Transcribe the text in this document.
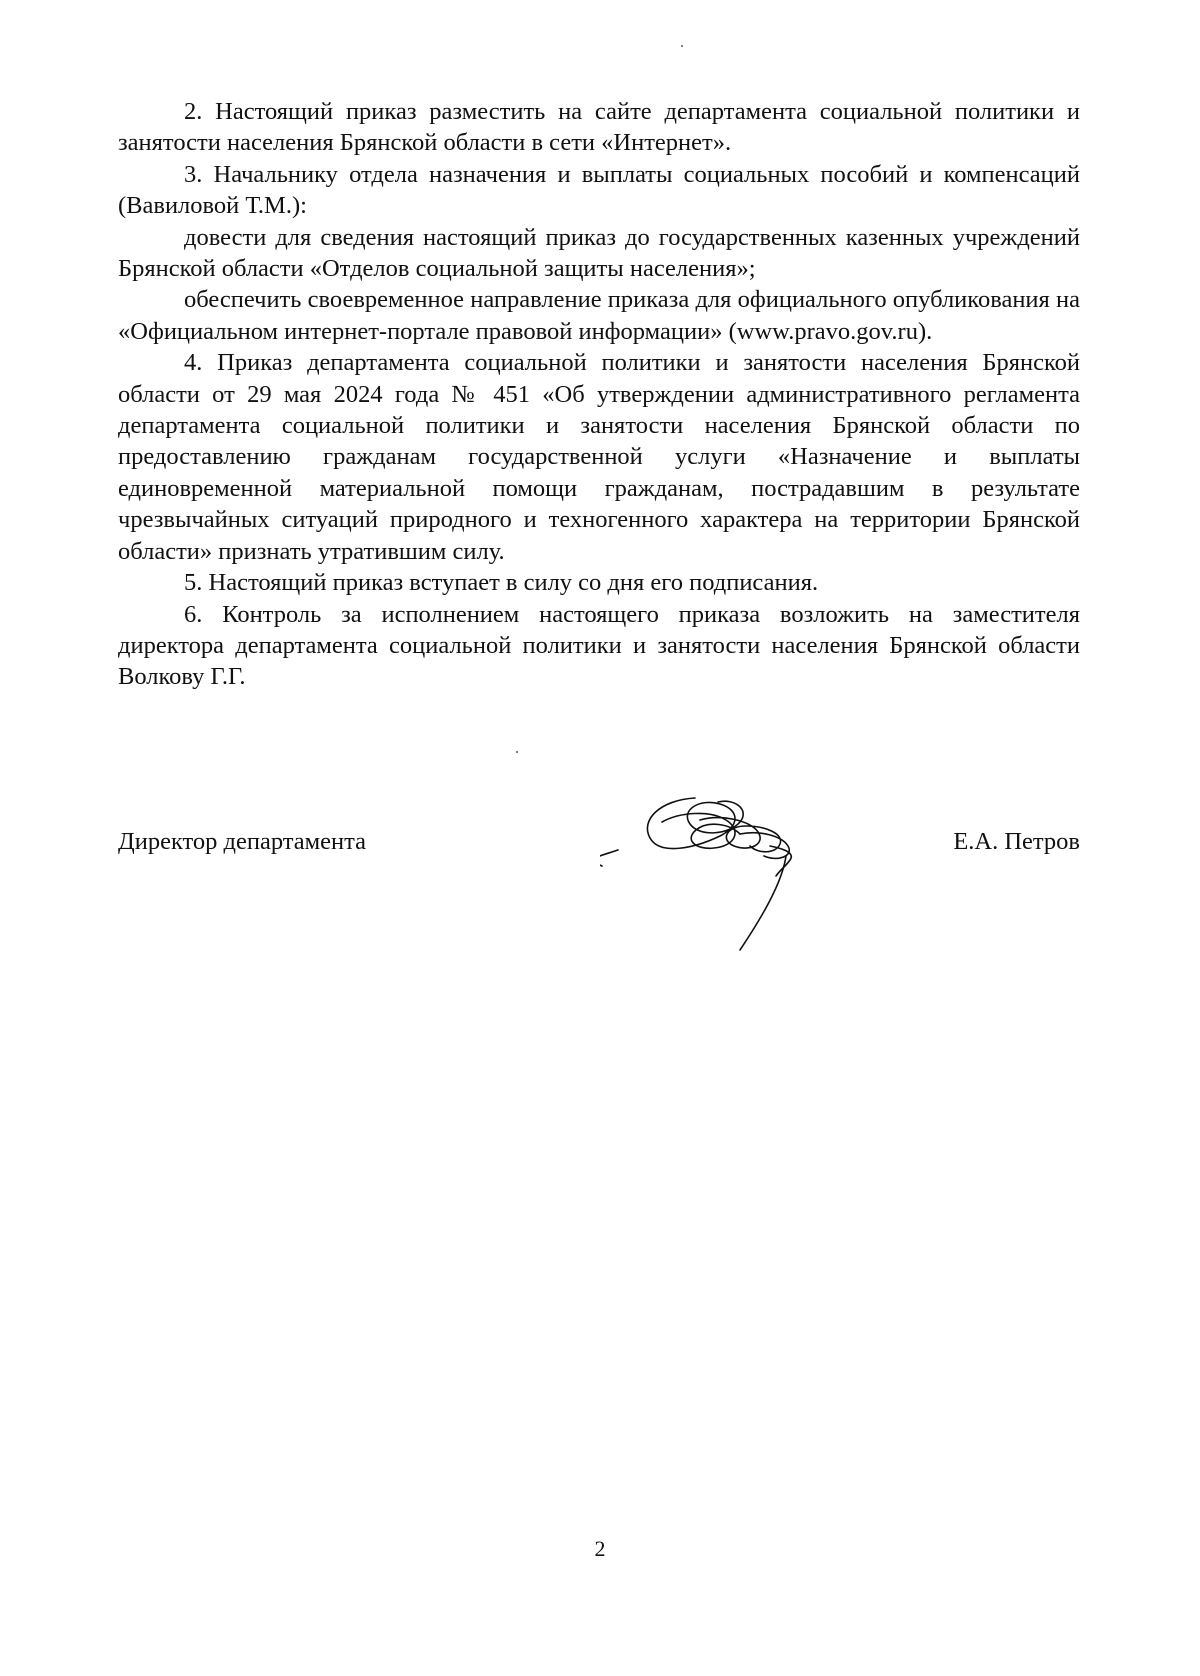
2. Настоящий приказ разместить на сайте департамента социальной политики и занятости населения Брянской области в сети «Интернет».

3. Начальнику отдела назначения и выплаты социальных пособий и компенсаций (Вавиловой Т.М.):

довести для сведения настоящий приказ до государственных казенных учреждений Брянской области «Отделов социальной защиты населения»;

обеспечить своевременное направление приказа для официального опубликования на «Официальном интернет-портале правовой информации» (www.pravo.gov.ru).

4. Приказ департамента социальной политики и занятости населения Брянской области от 29 мая 2024 года № 451 «Об утверждении административного регламента департамента социальной политики и занятости населения Брянской области по предоставлению гражданам государственной услуги «Назначение и выплаты единовременной материальной помощи гражданам, пострадавшим в результате чрезвычайных ситуаций природного и техногенного характера на территории Брянской области» признать утратившим силу.

5. Настоящий приказ вступает в силу со дня его подписания.

6. Контроль за исполнением настоящего приказа возложить на заместителя директора департамента социальной политики и занятости населения Брянской области Волкову Г.Г.

Директор департамента	Е.А. Петров
2
